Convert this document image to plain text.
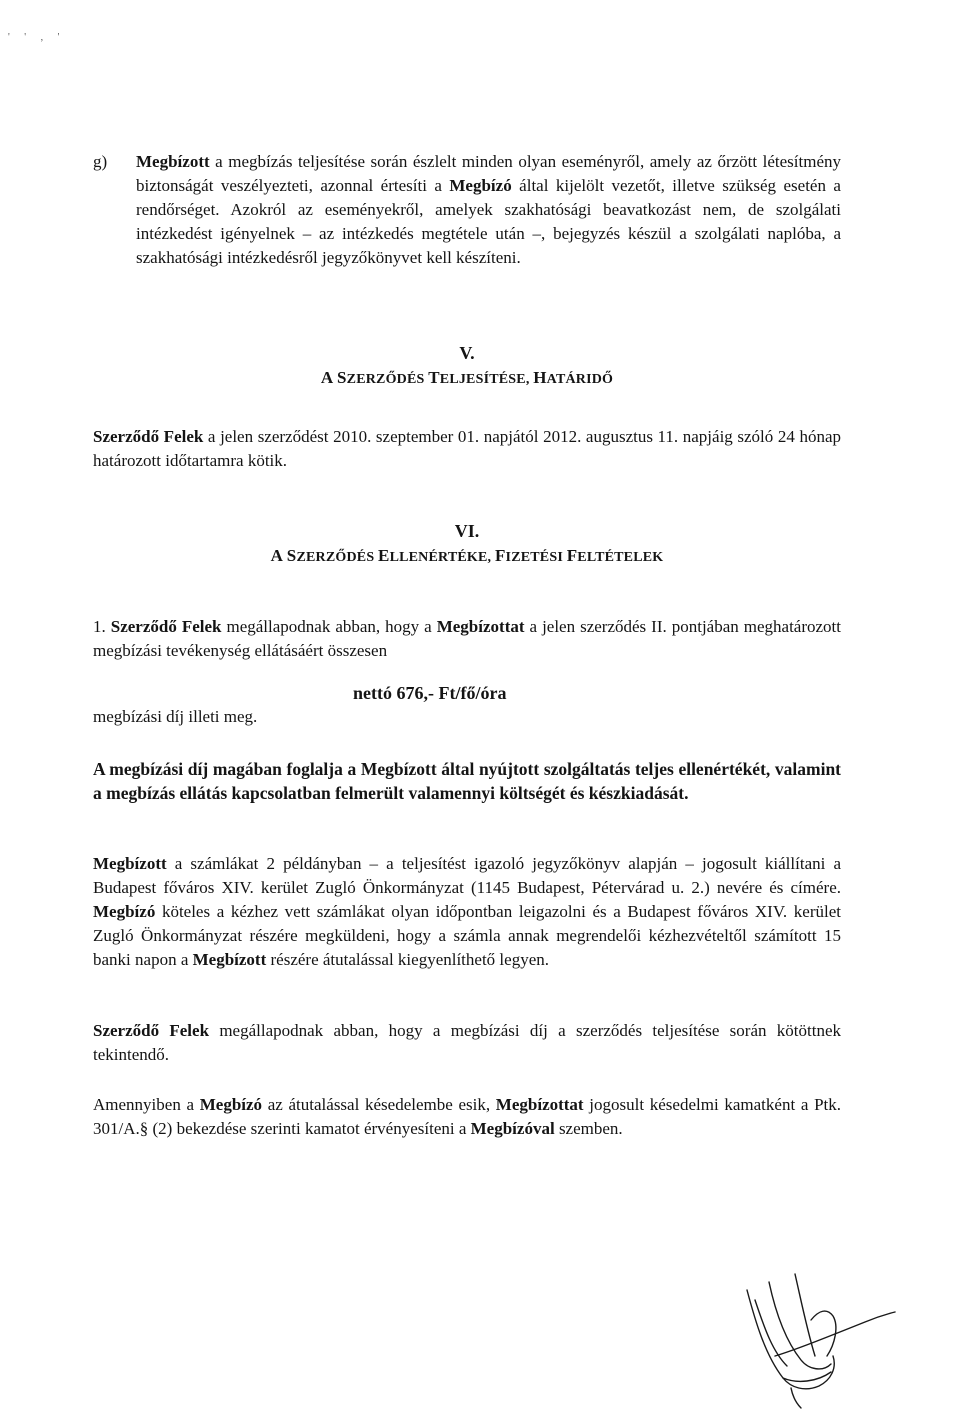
' ' , '
g) Megbízott a megbízás teljesítése során észlelt minden olyan eseményről, amely az őrzött létesítmény biztonságát veszélyezteti, azonnal értesíti a Megbízó által kijelölt vezetőt, illetve szükség esetén a rendőrséget. Azokról az eseményekről, amelyek szakhatósági beavatkozást nem, de szolgálati intézkedést igényelnek – az intézkedés megtétele után –, bejegyzés készül a szolgálati naplóba, a szakhatósági intézkedésről jegyzőkönyvet kell készíteni.
V.
A SZERZŐDÉS TELJESÍTÉSE, HATÁRIDŐ

Szerződő Felek a jelen szerződést 2010. szeptember 01. napjától 2012. augusztus 11. napjáig szóló 24 hónap határozott időtartamra kötik.

VI.
A SZERZŐDÉS ELLENÉRTÉKE, FIZETÉSI FELTÉTELEK

1. Szerződő Felek megállapodnak abban, hogy a Megbízottat a jelen szerződés II. pontjában meghatározott megbízási tevékenység ellátásáért összesen

nettó 676,- Ft/fő/óra

megbízási díj illeti meg.

A megbízási díj magában foglalja a Megbízott által nyújtott szolgáltatás teljes ellenértékét, valamint a megbízás ellátás kapcsolatban felmerült valamennyi költségét és készkiadását.

Megbízott a számlákat 2 példányban – a teljesítést igazoló jegyzőkönyv alapján – jogosult kiállítani a Budapest főváros XIV. kerület Zugló Önkormányzat (1145 Budapest, Pétervárad u. 2.) nevére és címére. Megbízó köteles a kézhez vett számlákat olyan időpontban leigazolni és a Budapest főváros XIV. kerület Zugló Önkormányzat részére megküldeni, hogy a számla annak megrendelői kézhezvételtől számított 15 banki napon a Megbízott részére átutalással kiegyenlíthető legyen.

Szerződő Felek megállapodnak abban, hogy a megbízási díj a szerződés teljesítése során kötöttnek tekintendő.

Amennyiben a Megbízó az átutalással késedelembe esik, Megbízottat jogosult késedelmi kamatként a Ptk. 301/A.§ (2) bekezdése szerinti kamatot érvényesíteni a Megbízóval szemben.
